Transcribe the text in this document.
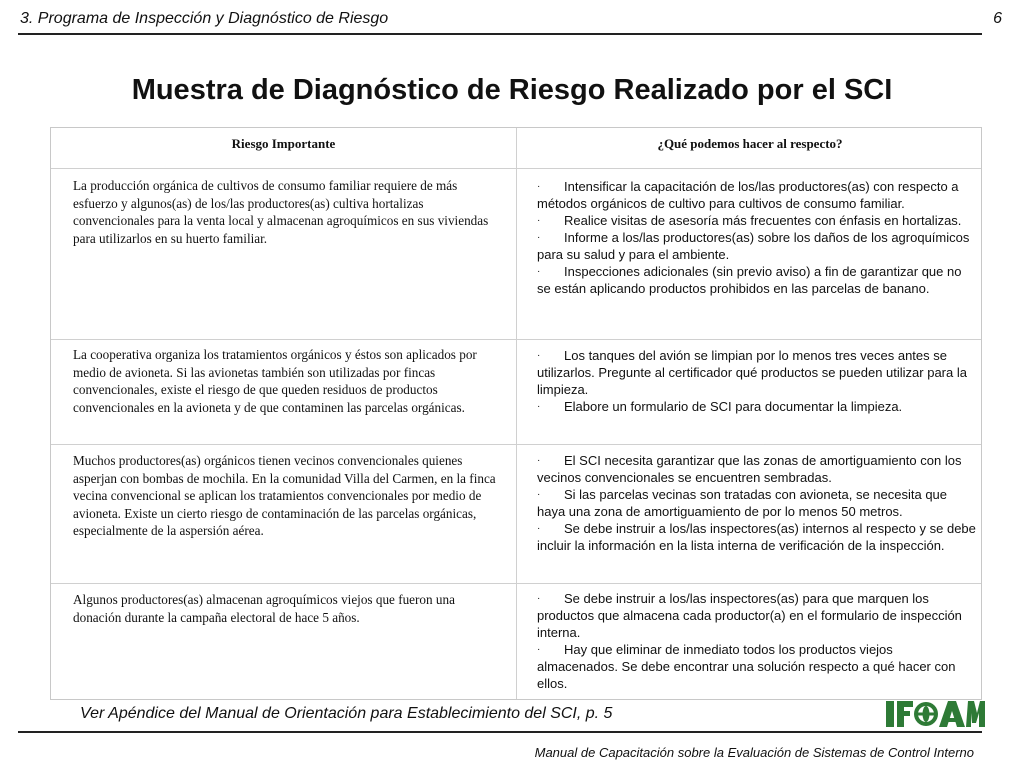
3. Programa de Inspección y Diagnóstico de Riesgo	6
Muestra de Diagnóstico de Riesgo Realizado por el SCI
Riesgo Importante	¿Qué podemos hacer al respecto?
La producción orgánica de cultivos de consumo familiar requiere de más esfuerzo y algunos(as) de los/las productores(as) cultiva hortalizas convencionales para la venta local y almacenan agroquímicos en sus viviendas para utilizarlos en su huerto familiar.
· Intensificar la capacitación de los/las productores(as) con respecto a métodos orgánicos de cultivo para cultivos de consumo familiar.
· Realice visitas de asesoría más frecuentes con énfasis en hortalizas.
· Informe a los/las productores(as) sobre los daños de los agroquímicos para su salud y para el ambiente.
· Inspecciones adicionales (sin previo aviso) a fin de garantizar que no se están aplicando productos prohibidos en las parcelas de banano.
La cooperativa organiza los tratamientos orgánicos y éstos son aplicados por medio de avioneta. Si las avionetas también son utilizadas por fincas convencionales, existe el riesgo de que queden residuos de productos convencionales en la avioneta y de que contaminen las parcelas orgánicas.
· Los tanques del avión se limpian por lo menos tres veces antes se utilizarlos. Pregunte al certificador qué productos se pueden utilizar para la limpieza.
· Elabore un formulario de SCI para documentar la limpieza.
Muchos productores(as) orgánicos tienen vecinos convencionales quienes asperjan con bombas de mochila. En la comunidad Villa del Carmen, en la finca vecina convencional se aplican los tratamientos convencionales por medio de avioneta. Existe un cierto riesgo de contaminación de las parcelas orgánicas, especialmente de la aspersión aérea.
· El SCI necesita garantizar que las zonas de amortiguamiento con los vecinos convencionales se encuentren sembradas.
· Si las parcelas vecinas son tratadas con avioneta, se necesita que haya una zona de amortiguamiento de por lo menos 50 metros.
· Se debe instruir a los/las inspectores(as) internos al respecto y se debe incluir la información en la lista interna de verificación de la inspección.
Algunos productores(as) almacenan agroquímicos viejos que fueron una donación durante la campaña electoral de hace 5 años.
· Se debe instruir a los/las inspectores(as) para que marquen los productos que almacena cada productor(a) en el formulario de inspección interna.
· Hay que eliminar de inmediato todos los productos viejos almacenados. Se debe encontrar una solución respecto a qué hacer con ellos.
Ver Apéndice del Manual de Orientación para Establecimiento del SCI, p. 5
Manual de Capacitación sobre la Evaluación de Sistemas de Control Interno
